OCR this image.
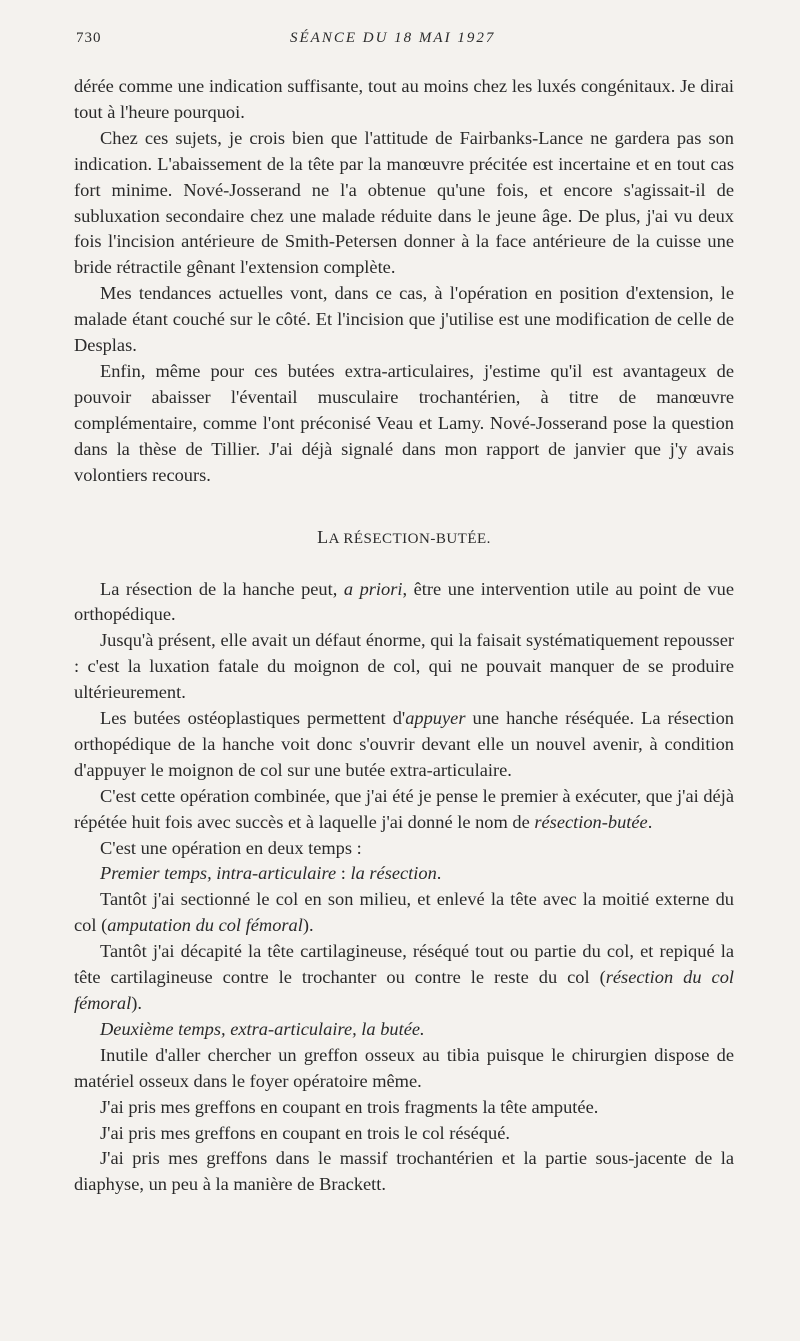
730	SÉANCE DU 18 MAI 1927

dérée comme une indication suffisante, tout au moins chez les luxés congénitaux. Je dirai tout à l'heure pourquoi.

Chez ces sujets, je crois bien que l'attitude de Fairbanks-Lance ne gardera pas son indication. L'abaissement de la tête par la manœuvre précitée est incertaine et en tout cas fort minime. Nové-Josserand ne l'a obtenue qu'une fois, et encore s'agissait-il de subluxation secondaire chez une malade réduite dans le jeune âge. De plus, j'ai vu deux fois l'incision antérieure de Smith-Petersen donner à la face antérieure de la cuisse une bride rétractile gênant l'extension complète.

Mes tendances actuelles vont, dans ce cas, à l'opération en position d'extension, le malade étant couché sur le côté. Et l'incision que j'utilise est une modification de celle de Desplas.

Enfin, même pour ces butées extra-articulaires, j'estime qu'il est avantageux de pouvoir abaisser l'éventail musculaire trochantérien, à titre de manœuvre complémentaire, comme l'ont préconisé Veau et Lamy. Nové-Josserand pose la question dans la thèse de Tillier. J'ai déjà signalé dans mon rapport de janvier que j'y avais volontiers recours.

LA RÉSECTION-BUTÉE.

La résection de la hanche peut, a priori, être une intervention utile au point de vue orthopédique.

Jusqu'à présent, elle avait un défaut énorme, qui la faisait systématiquement repousser : c'est la luxation fatale du moignon de col, qui ne pouvait manquer de se produire ultérieurement.

Les butées ostéoplastiques permettent d'appuyer une hanche réséquée. La résection orthopédique de la hanche voit donc s'ouvrir devant elle un nouvel avenir, à condition d'appuyer le moignon de col sur une butée extra-articulaire.

C'est cette opération combinée, que j'ai été je pense le premier à exécuter, que j'ai déjà répétée huit fois avec succès et à laquelle j'ai donné le nom de résection-butée.

C'est une opération en deux temps :

Premier temps, intra-articulaire : la résection.

Tantôt j'ai sectionné le col en son milieu, et enlevé la tête avec la moitié externe du col (amputation du col fémoral).

Tantôt j'ai décapité la tête cartilagineuse, réséqué tout ou partie du col, et repiqué la tête cartilagineuse contre le trochanter ou contre le reste du col (résection du col fémoral).

Deuxième temps, extra-articulaire, la butée.

Inutile d'aller chercher un greffon osseux au tibia puisque le chirurgien dispose de matériel osseux dans le foyer opératoire même.

J'ai pris mes greffons en coupant en trois fragments la tête amputée.

J'ai pris mes greffons en coupant en trois le col réséqué.

J'ai pris mes greffons dans le massif trochantérien et la partie sous-jacente de la diaphyse, un peu à la manière de Brackett.
